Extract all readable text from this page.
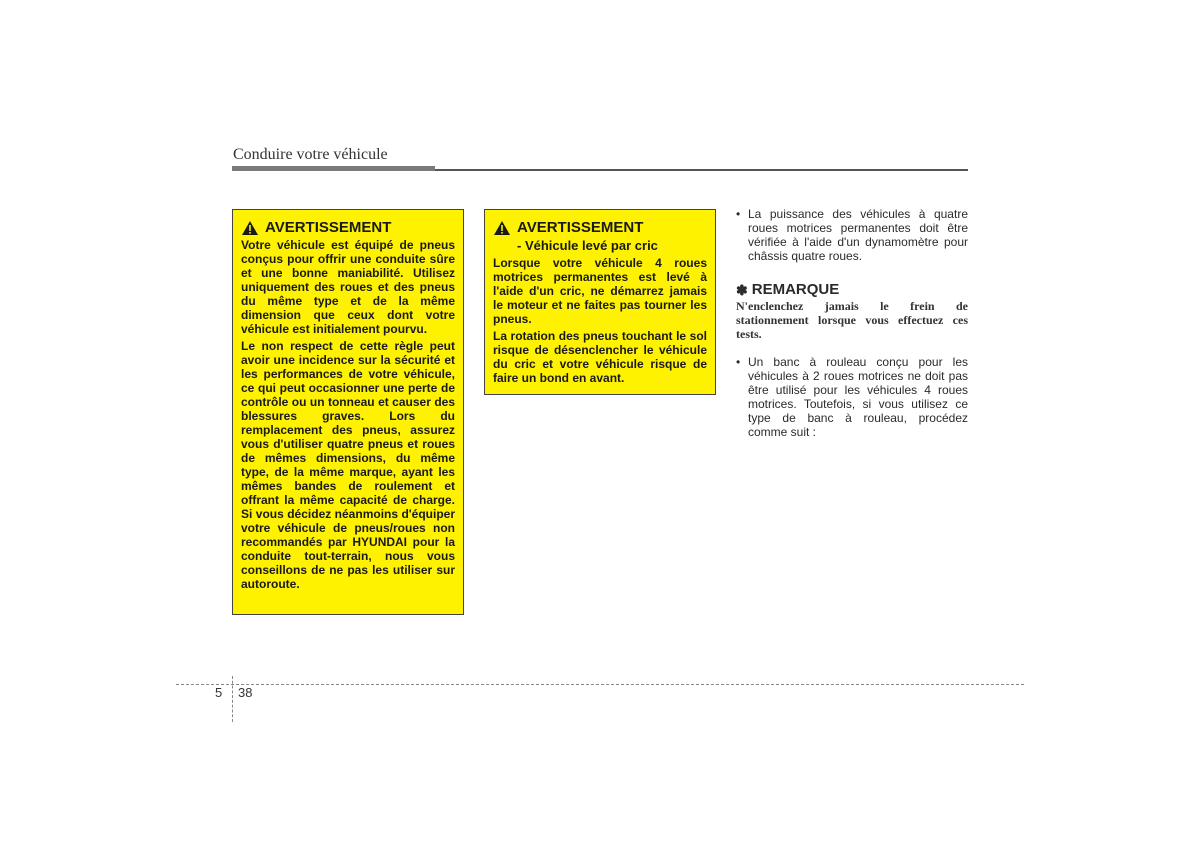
Conduire votre véhicule
AVERTISSEMENT

Votre véhicule est équipé de pneus conçus pour offrir une conduite sûre et une bonne maniabilité. Utilisez uniquement des roues et des pneus du même type et de la même dimension que ceux dont votre véhicule est initialement pourvu.

Le non respect de cette règle peut avoir une incidence sur la sécurité et les performances de votre véhicule, ce qui peut occasionner une perte de contrôle ou un tonneau et causer des blessures graves. Lors du remplacement des pneus, assurez vous d'utiliser quatre pneus et roues de mêmes dimensions, du même type, de la même marque, ayant les mêmes bandes de roulement et offrant la même capacité de charge. Si vous décidez néanmoins d'équiper votre véhicule de pneus/roues non recommandés par HYUNDAI pour la conduite tout-terrain, nous vous conseillons de ne pas les utiliser sur autoroute.

AVERTISSEMENT
- Véhicule levé par cric

Lorsque votre véhicule 4 roues motrices permanentes est levé à l'aide d'un cric, ne démarrez jamais le moteur et ne faites pas tourner les pneus.

La rotation des pneus touchant le sol risque de désenclencher le véhicule du cric et votre véhicule risque de faire un bond en avant.

• La puissance des véhicules à quatre roues motrices permanentes doit être vérifiée à l'aide d'un dynamomètre pour châssis quatre roues.
✽ REMARQUE
N'enclenchez jamais le frein de stationnement lorsque vous effectuez ces tests.
• Un banc à rouleau conçu pour les véhicules à 2 roues motrices ne doit pas être utilisé pour les véhicules 4 roues motrices. Toutefois, si vous utilisez ce type de banc à rouleau, procédez comme suit :
5 38
